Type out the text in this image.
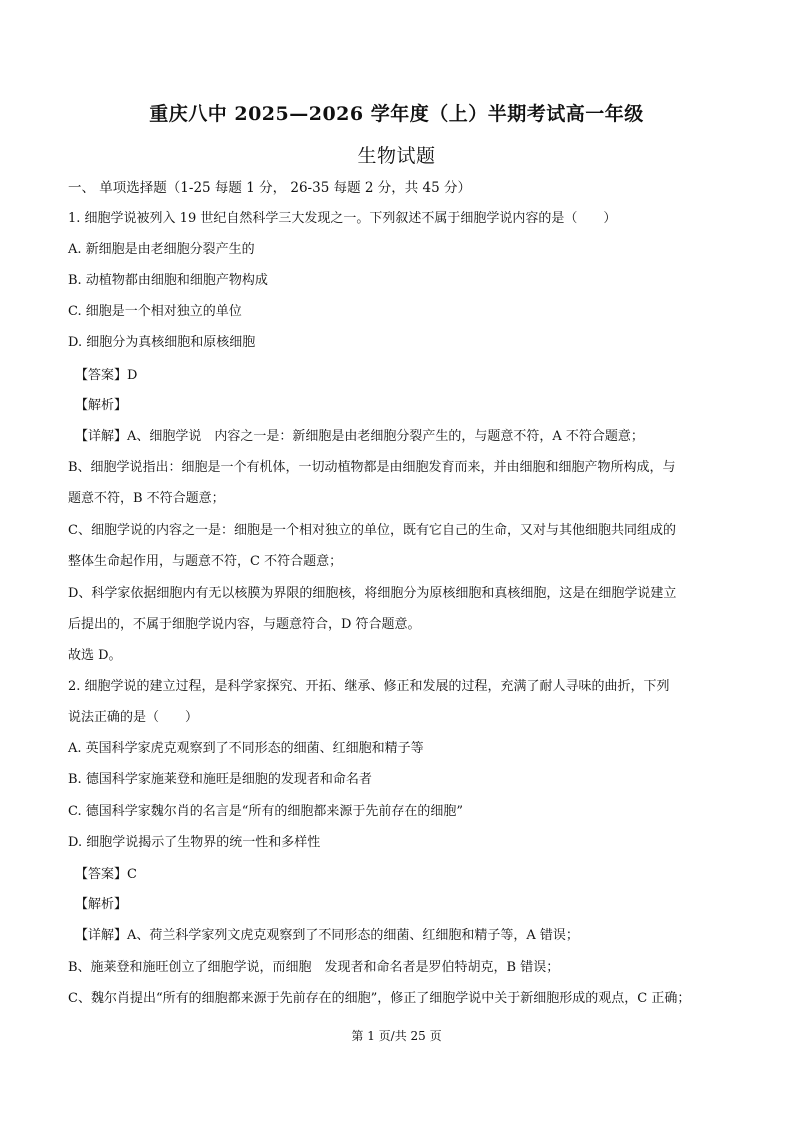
重庆八中 2025—2026 学年度（上）半期考试高一年级
生物试题
一、 单项选择题（1-25 每题 1 分， 26-35 每题 2 分，共 45 分）
1. 细胞学说被列入 19 世纪自然科学三大发现之一。下列叙述不属于细胞学说内容的是（　　）
A. 新细胞是由老细胞分裂产生的
B. 动植物都由细胞和细胞产物构成
C. 细胞是一个相对独立的单位
D. 细胞分为真核细胞和原核细胞
【答案】D
【解析】
【详解】A、细胞学说　内容之一是：新细胞是由老细胞分裂产生的，与题意不符，A 不符合题意；
B、细胞学说指出：细胞是一个有机体，一切动植物都是由细胞发育而来，并由细胞和细胞产物所构成，与
题意不符，B 不符合题意；
C、细胞学说的内容之一是：细胞是一个相对独立的单位，既有它自己的生命，又对与其他细胞共同组成的
整体生命起作用，与题意不符，C 不符合题意；
D、科学家依据细胞内有无以核膜为界限的细胞核，将细胞分为原核细胞和真核细胞，这是在细胞学说建立
后提出的，不属于细胞学说内容，与题意符合，D 符合题意。
故选 D。
2. 细胞学说的建立过程，是科学家探究、开拓、继承、修正和发展的过程，充满了耐人寻味的曲折，下列
说法正确的是（　　）
A. 英国科学家虎克观察到了不同形态的细菌、红细胞和精子等
B. 德国科学家施莱登和施旺是细胞的发现者和命名者
C. 德国科学家魏尔肖的名言是“所有的细胞都来源于先前存在的细胞”
D. 细胞学说揭示了生物界的统一性和多样性
【答案】C
【解析】
【详解】A、荷兰科学家列文虎克观察到了不同形态的细菌、红细胞和精子等，A 错误；
B、施莱登和施旺创立了细胞学说，而细胞　发现者和命名者是罗伯特胡克，B 错误；
C、魏尔肖提出“所有的细胞都来源于先前存在的细胞”，修正了细胞学说中关于新细胞形成的观点，C 正确；
第 1 页/共 25 页
